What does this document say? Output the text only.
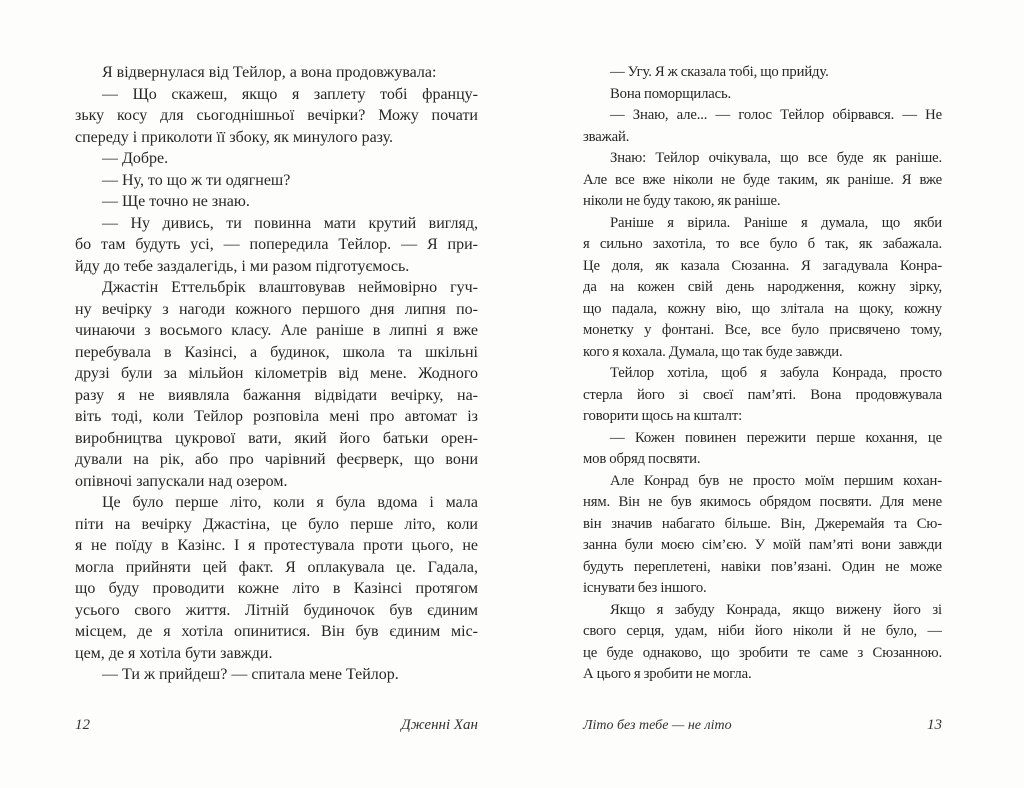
Я відвернулася від Тейлор, а вона продовжувала:
— Що скажеш, якщо я заплету тобі францу-
зьку косу для сьогоднішньої вечірки? Можу почати
спереду і приколоти її збоку, як минулого разу.
— Добре.
— Ну, то що ж ти одягнеш?
— Ще точно не знаю.
— Ну дивись, ти повинна мати крутий вигляд,
бо там будуть усі, — попередила Тейлор. — Я при-
йду до тебе заздалегідь, і ми разом підготуємось.
Джастін Еттельбрік влаштовував неймовірно гуч-
ну вечірку з нагоди кожного першого дня липня по-
чинаючи з восьмого класу. Але раніше в липні я вже
перебувала в Казінсі, а будинок, школа та шкільні
друзі були за мільйон кілометрів від мене. Жодного
разу я не виявляла бажання відвідати вечірку, на-
віть тоді, коли Тейлор розповіла мені про автомат із
виробництва цукрової вати, який його батьки орен-
дували на рік, або про чарівний феєрверк, що вони
опівночі запускали над озером.
Це було перше літо, коли я була вдома і мала
піти на вечірку Джастіна, це було перше літо, коли
я не поїду в Казінс. І я протестувала проти цього, не
могла прийняти цей факт. Я оплакувала це. Гадала,
що буду проводити кожне літо в Казінсі протягом
усього свого життя. Літній будиночок був єдиним
місцем, де я хотіла опинитися. Він був єдиним міс-
цем, де я хотіла бути завжди.
— Ти ж прийдеш? — спитала мене Тейлор.
12	Дженні Хан
— Угу. Я ж сказала тобі, що прийду.
Вона поморщилась.
— Знаю, але... — голос Тейлор обірвався. — Не
зважай.
Знаю: Тейлор очікувала, що все буде як раніше.
Але все вже ніколи не буде таким, як раніше. Я вже
ніколи не буду такою, як раніше.
Раніше я вірила. Раніше я думала, що якби
я сильно захотіла, то все було б так, як забажала.
Це доля, як казала Сюзанна. Я загадувала Конра-
да на кожен свій день народження, кожну зірку,
що падала, кожну вію, що злітала на щоку, кожну
монетку у фонтані. Все, все було присвячено тому,
кого я кохала. Думала, що так буде завжди.
Тейлор хотіла, щоб я забула Конрада, просто
стерла його зі своєї пам’яті. Вона продовжувала
говорити щось на кшталт:
— Кожен повинен пережити перше кохання, це
мов обряд посвяти.
Але Конрад був не просто моїм першим кохан-
ням. Він не був якимось обрядом посвяти. Для мене
він значив набагато більше. Він, Джеремайя та Сю-
занна були моєю сім’єю. У моїй пам’яті вони завжди
будуть переплетені, навіки пов’язані. Один не може
існувати без іншого.
Якщо я забуду Конрада, якщо вижену його зі
свого серця, удам, ніби його ніколи й не було, —
це буде однаково, що зробити те саме з Сюзанною.
А цього я зробити не могла.
Літо без тебе — не літо	13
